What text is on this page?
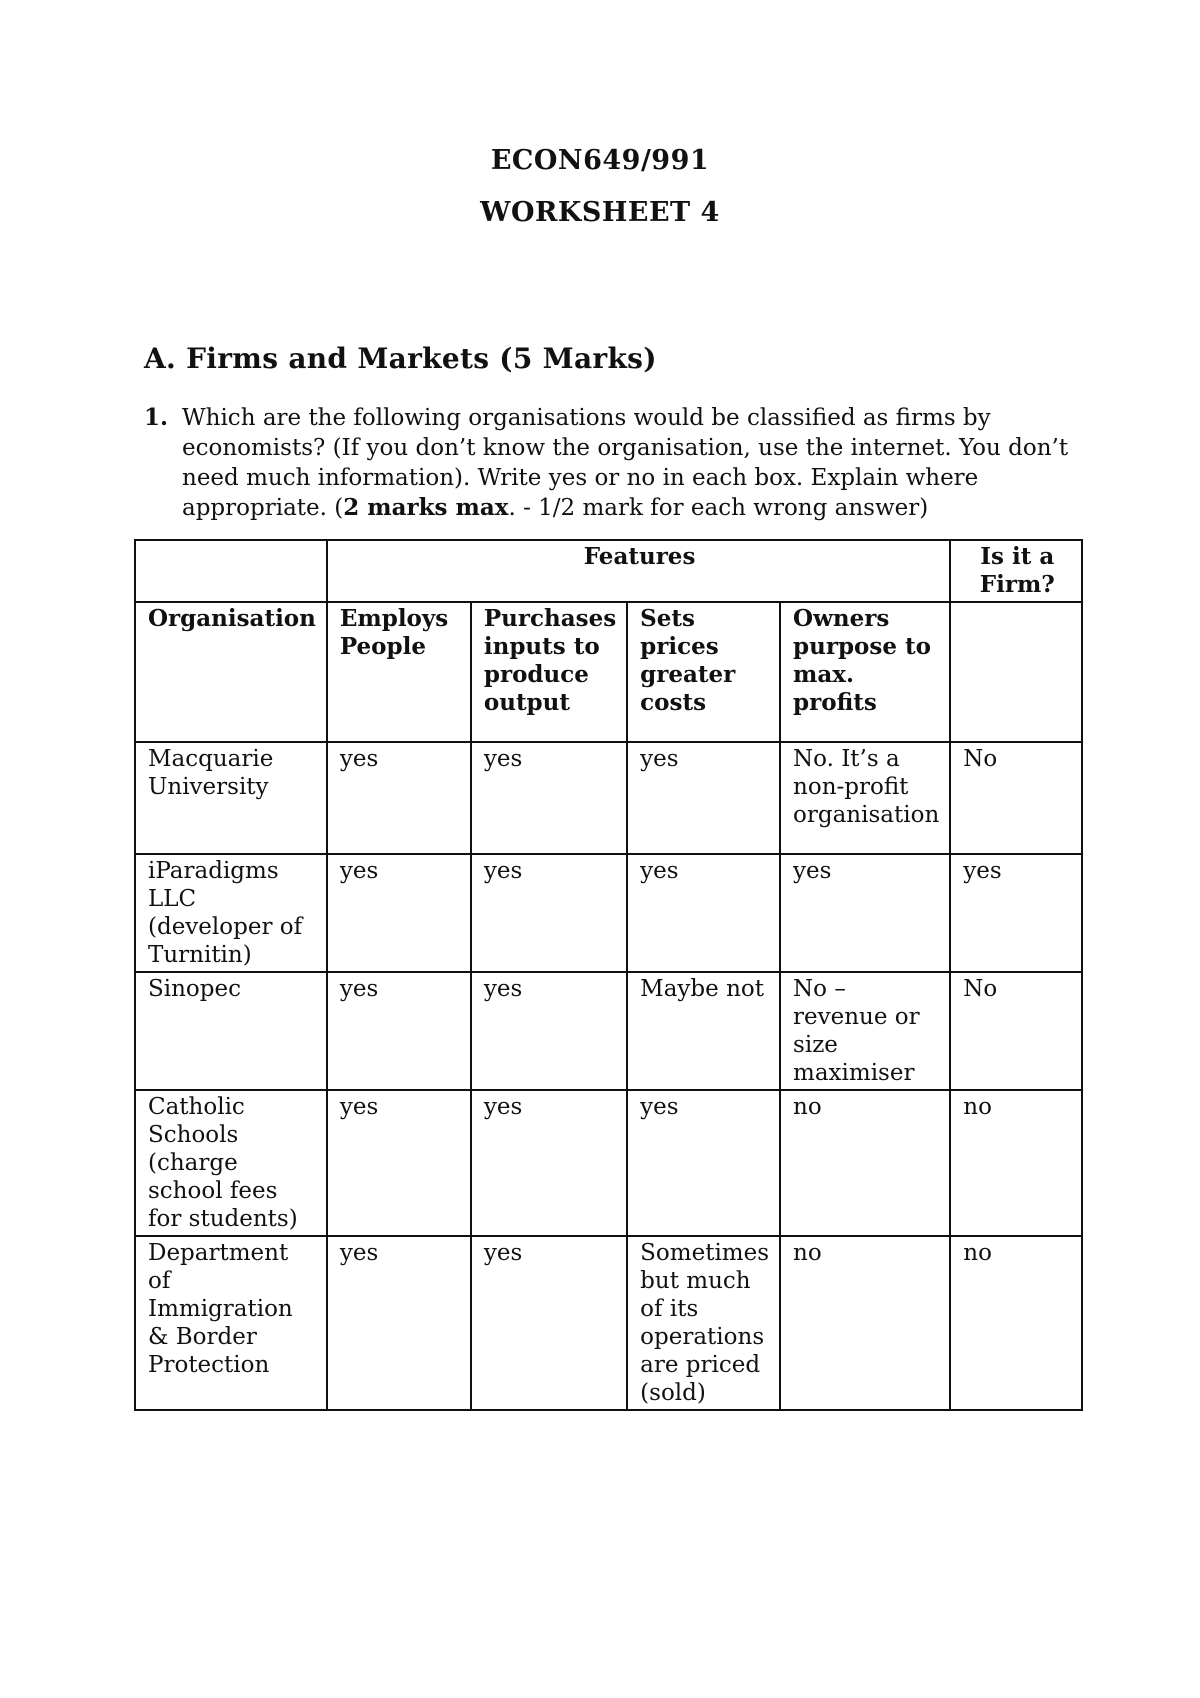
ECON649/991
WORKSHEET 4
A. Firms and Markets (5 Marks)
1. Which are the following organisations would be classified as firms by economists? (If you don’t know the organisation, use the internet. You don’t need much information). Write yes or no in each box. Explain where appropriate. (2 marks max. - 1/2 mark for each wrong answer)
	Features				Is it a Firm?
Organisation	Employs People	Purchases inputs to produce output	Sets prices greater costs	Owners purpose to max. profits	
Macquarie University	yes	yes	yes	No. It’s a non-profit organisation	No
iParadigms LLC (developer of Turnitin)	yes	yes	yes	yes	yes
Sinopec	yes	yes	Maybe not	No – revenue or size maximiser	No
Catholic Schools (charge school fees for students)	yes	yes	yes	no	no
Department of Immigration & Border Protection	yes	yes	Sometimes but much of its operations are priced (sold)	no	no
